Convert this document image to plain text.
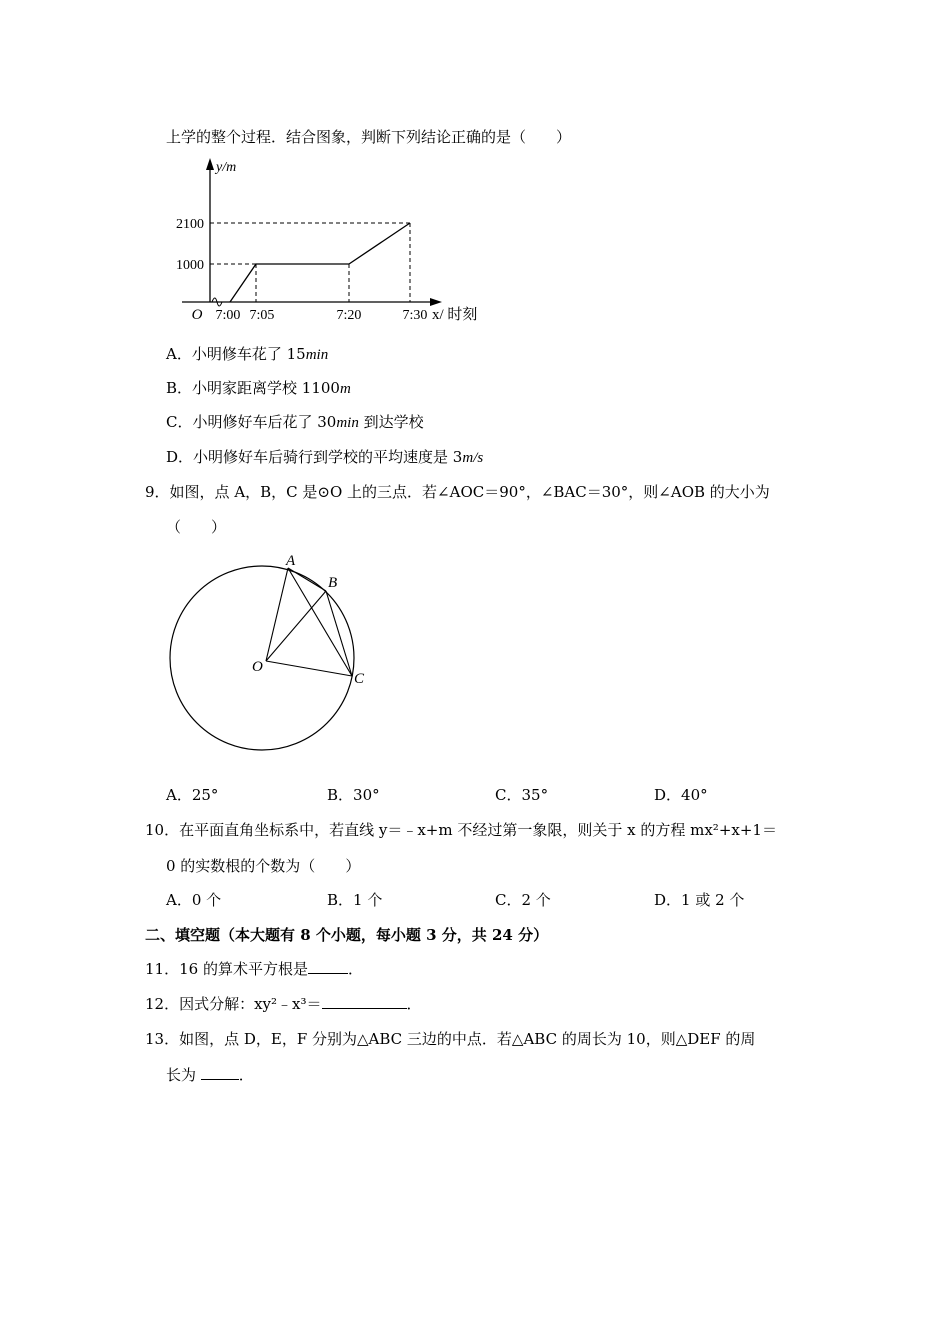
上学的整个过程．结合图象，判断下列结论正确的是（　　）
y/m
2100
1000
O 7:00 7:05	7:20	7:30 x/ 时刻
A．小明修车花了 15min
B．小明家距离学校 1100m
C．小明修好车后花了 30min 到达学校
D．小明修好车后骑行到学校的平均速度是 3m/s
9．如图，点 A，B，C 是⊙O 上的三点．若∠AOC＝90°，∠BAC＝30°，则∠AOB 的大小为
（　　）
A
B
O
C
A．25°	B．30°	C．35°	D．40°
10．在平面直角坐标系中，若直线 y＝﹣x+m 不经过第一象限，则关于 x 的方程 mx²+x+1＝
0 的实数根的个数为（　　）
A．0 个	B．1 个	C．2 个	D．1 或 2 个
二、填空题（本大题有 8 个小题，每小题 3 分，共 24 分）
11．16 的算术平方根是	．
12．因式分解：xy²﹣x³＝	．
13．如图，点 D，E，F 分别为△ABC 三边的中点．若△ABC 的周长为 10，则△DEF 的周
长为	．
